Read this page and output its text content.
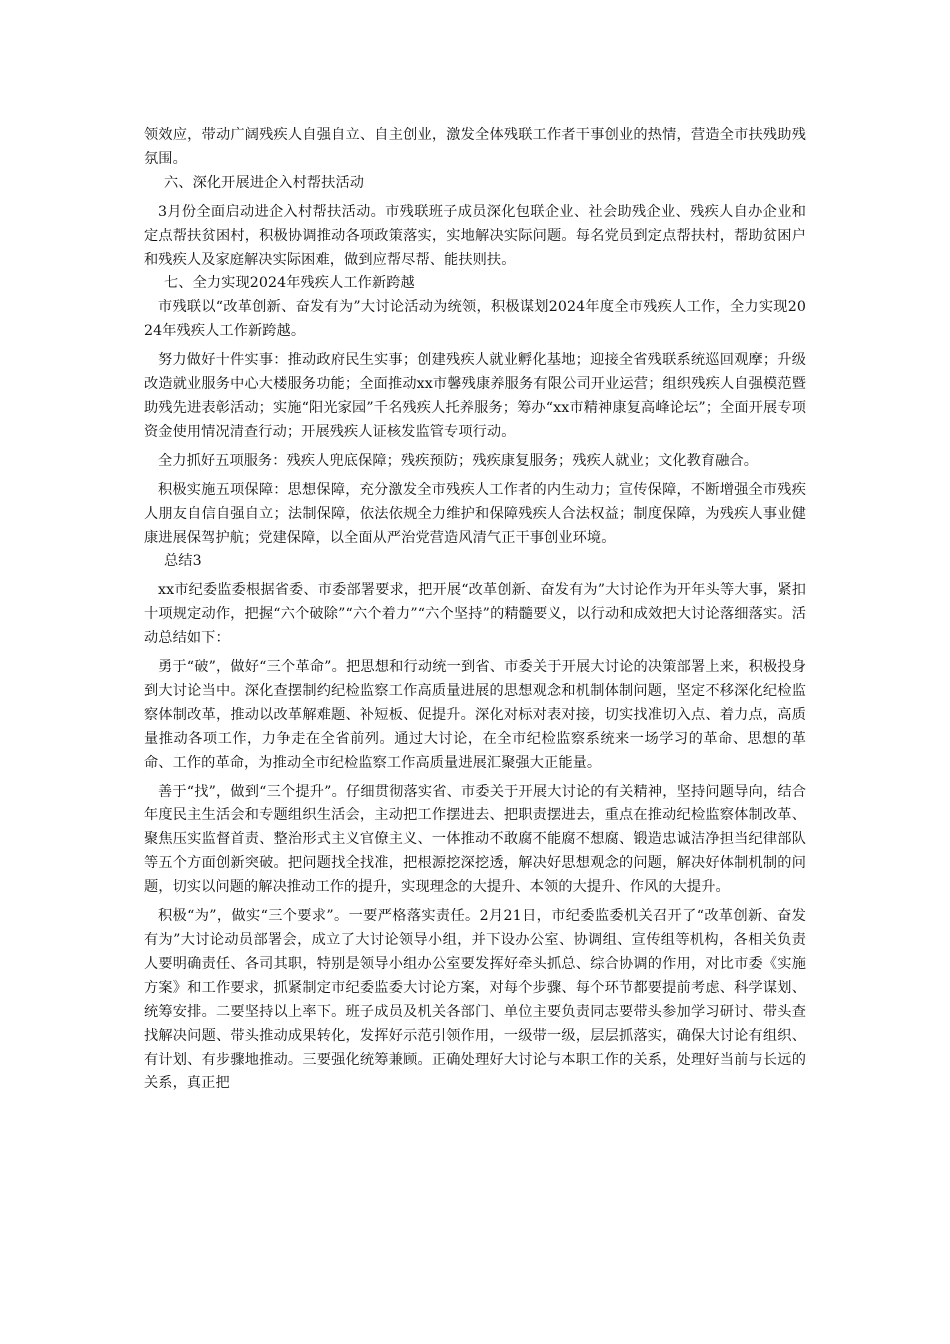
领效应，带动广阔残疾人自强自立、自主创业，激发全体残联工作者干事创业的热情，营造全市扶残助残氛围。

六、深化开展进企入村帮扶活动

3月份全面启动进企入村帮扶活动。市残联班子成员深化包联企业、社会助残企业、残疾人自办企业和定点帮扶贫困村，积极协调推动各项政策落实，实地解决实际问题。每名党员到定点帮扶村，帮助贫困户和残疾人及家庭解决实际困难，做到应帮尽帮、能扶则扶。

七、全力实现2024年残疾人工作新跨越

市残联以“改革创新、奋发有为”大讨论活动为统领，积极谋划2024年度全市残疾人工作，全力实现2024年残疾人工作新跨越。

努力做好十件实事：推动政府民生实事；创建残疾人就业孵化基地；迎接全省残联系统巡回观摩；升级改造就业服务中心大楼服务功能；全面推动xx市馨残康养服务有限公司开业运营；组织残疾人自强模范暨助残先进表彰活动；实施“阳光家园”千名残疾人托养服务；筹办“xx市精神康复高峰论坛”；全面开展专项资金使用情况清查行动；开展残疾人证核发监管专项行动。

全力抓好五项服务：残疾人兜底保障；残疾预防；残疾康复服务；残疾人就业；文化教育融合。

积极实施五项保障：思想保障，充分激发全市残疾人工作者的内生动力；宣传保障，不断增强全市残疾人朋友自信自强自立；法制保障，依法依规全力维护和保障残疾人合法权益；制度保障，为残疾人事业健康进展保驾护航；党建保障，以全面从严治党营造风清气正干事创业环境。

总结3

xx市纪委监委根据省委、市委部署要求，把开展“改革创新、奋发有为”大讨论作为开年头等大事，紧扣十项规定动作，把握“六个破除”“六个着力”“六个坚持”的精髓要义，以行动和成效把大讨论落细落实。活动总结如下：

勇于“破”，做好“三个革命”。把思想和行动统一到省、市委关于开展大讨论的决策部署上来，积极投身到大讨论当中。深化查摆制约纪检监察工作高质量进展的思想观念和机制体制问题，坚定不移深化纪检监察体制改革，推动以改革解难题、补短板、促提升。深化对标对表对接，切实找准切入点、着力点，高质量推动各项工作，力争走在全省前列。通过大讨论，在全市纪检监察系统来一场学习的革命、思想的革命、工作的革命，为推动全市纪检监察工作高质量进展汇聚强大正能量。

善于“找”，做到“三个提升”。仔细贯彻落实省、市委关于开展大讨论的有关精神，坚持问题导向，结合年度民主生活会和专题组织生活会，主动把工作摆进去、把职责摆进去，重点在推动纪检监察体制改革、聚焦压实监督首责、整治形式主义官僚主义、一体推动不敢腐不能腐不想腐、锻造忠诚洁净担当纪律部队等五个方面创新突破。把问题找全找准，把根源挖深挖透，解决好思想观念的问题，解决好体制机制的问题，切实以问题的解决推动工作的提升，实现理念的大提升、本领的大提升、作风的大提升。

积极“为”，做实“三个要求”。一要严格落实责任。2月21日，市纪委监委机关召开了“改革创新、奋发有为”大讨论动员部署会，成立了大讨论领导小组，并下设办公室、协调组、宣传组等机构，各相关负责人要明确责任、各司其职，特别是领导小组办公室要发挥好牵头抓总、综合协调的作用，对比市委《实施方案》和工作要求，抓紧制定市纪委监委大讨论方案，对每个步骤、每个环节都要提前考虑、科学谋划、统筹安排。二要坚持以上率下。班子成员及机关各部门、单位主要负责同志要带头参加学习研讨、带头查找解决问题、带头推动成果转化，发挥好示范引领作用，一级带一级，层层抓落实，确保大讨论有组织、有计划、有步骤地推动。三要强化统筹兼顾。正确处理好大讨论与本职工作的关系，处理好当前与长远的关系，真正把
